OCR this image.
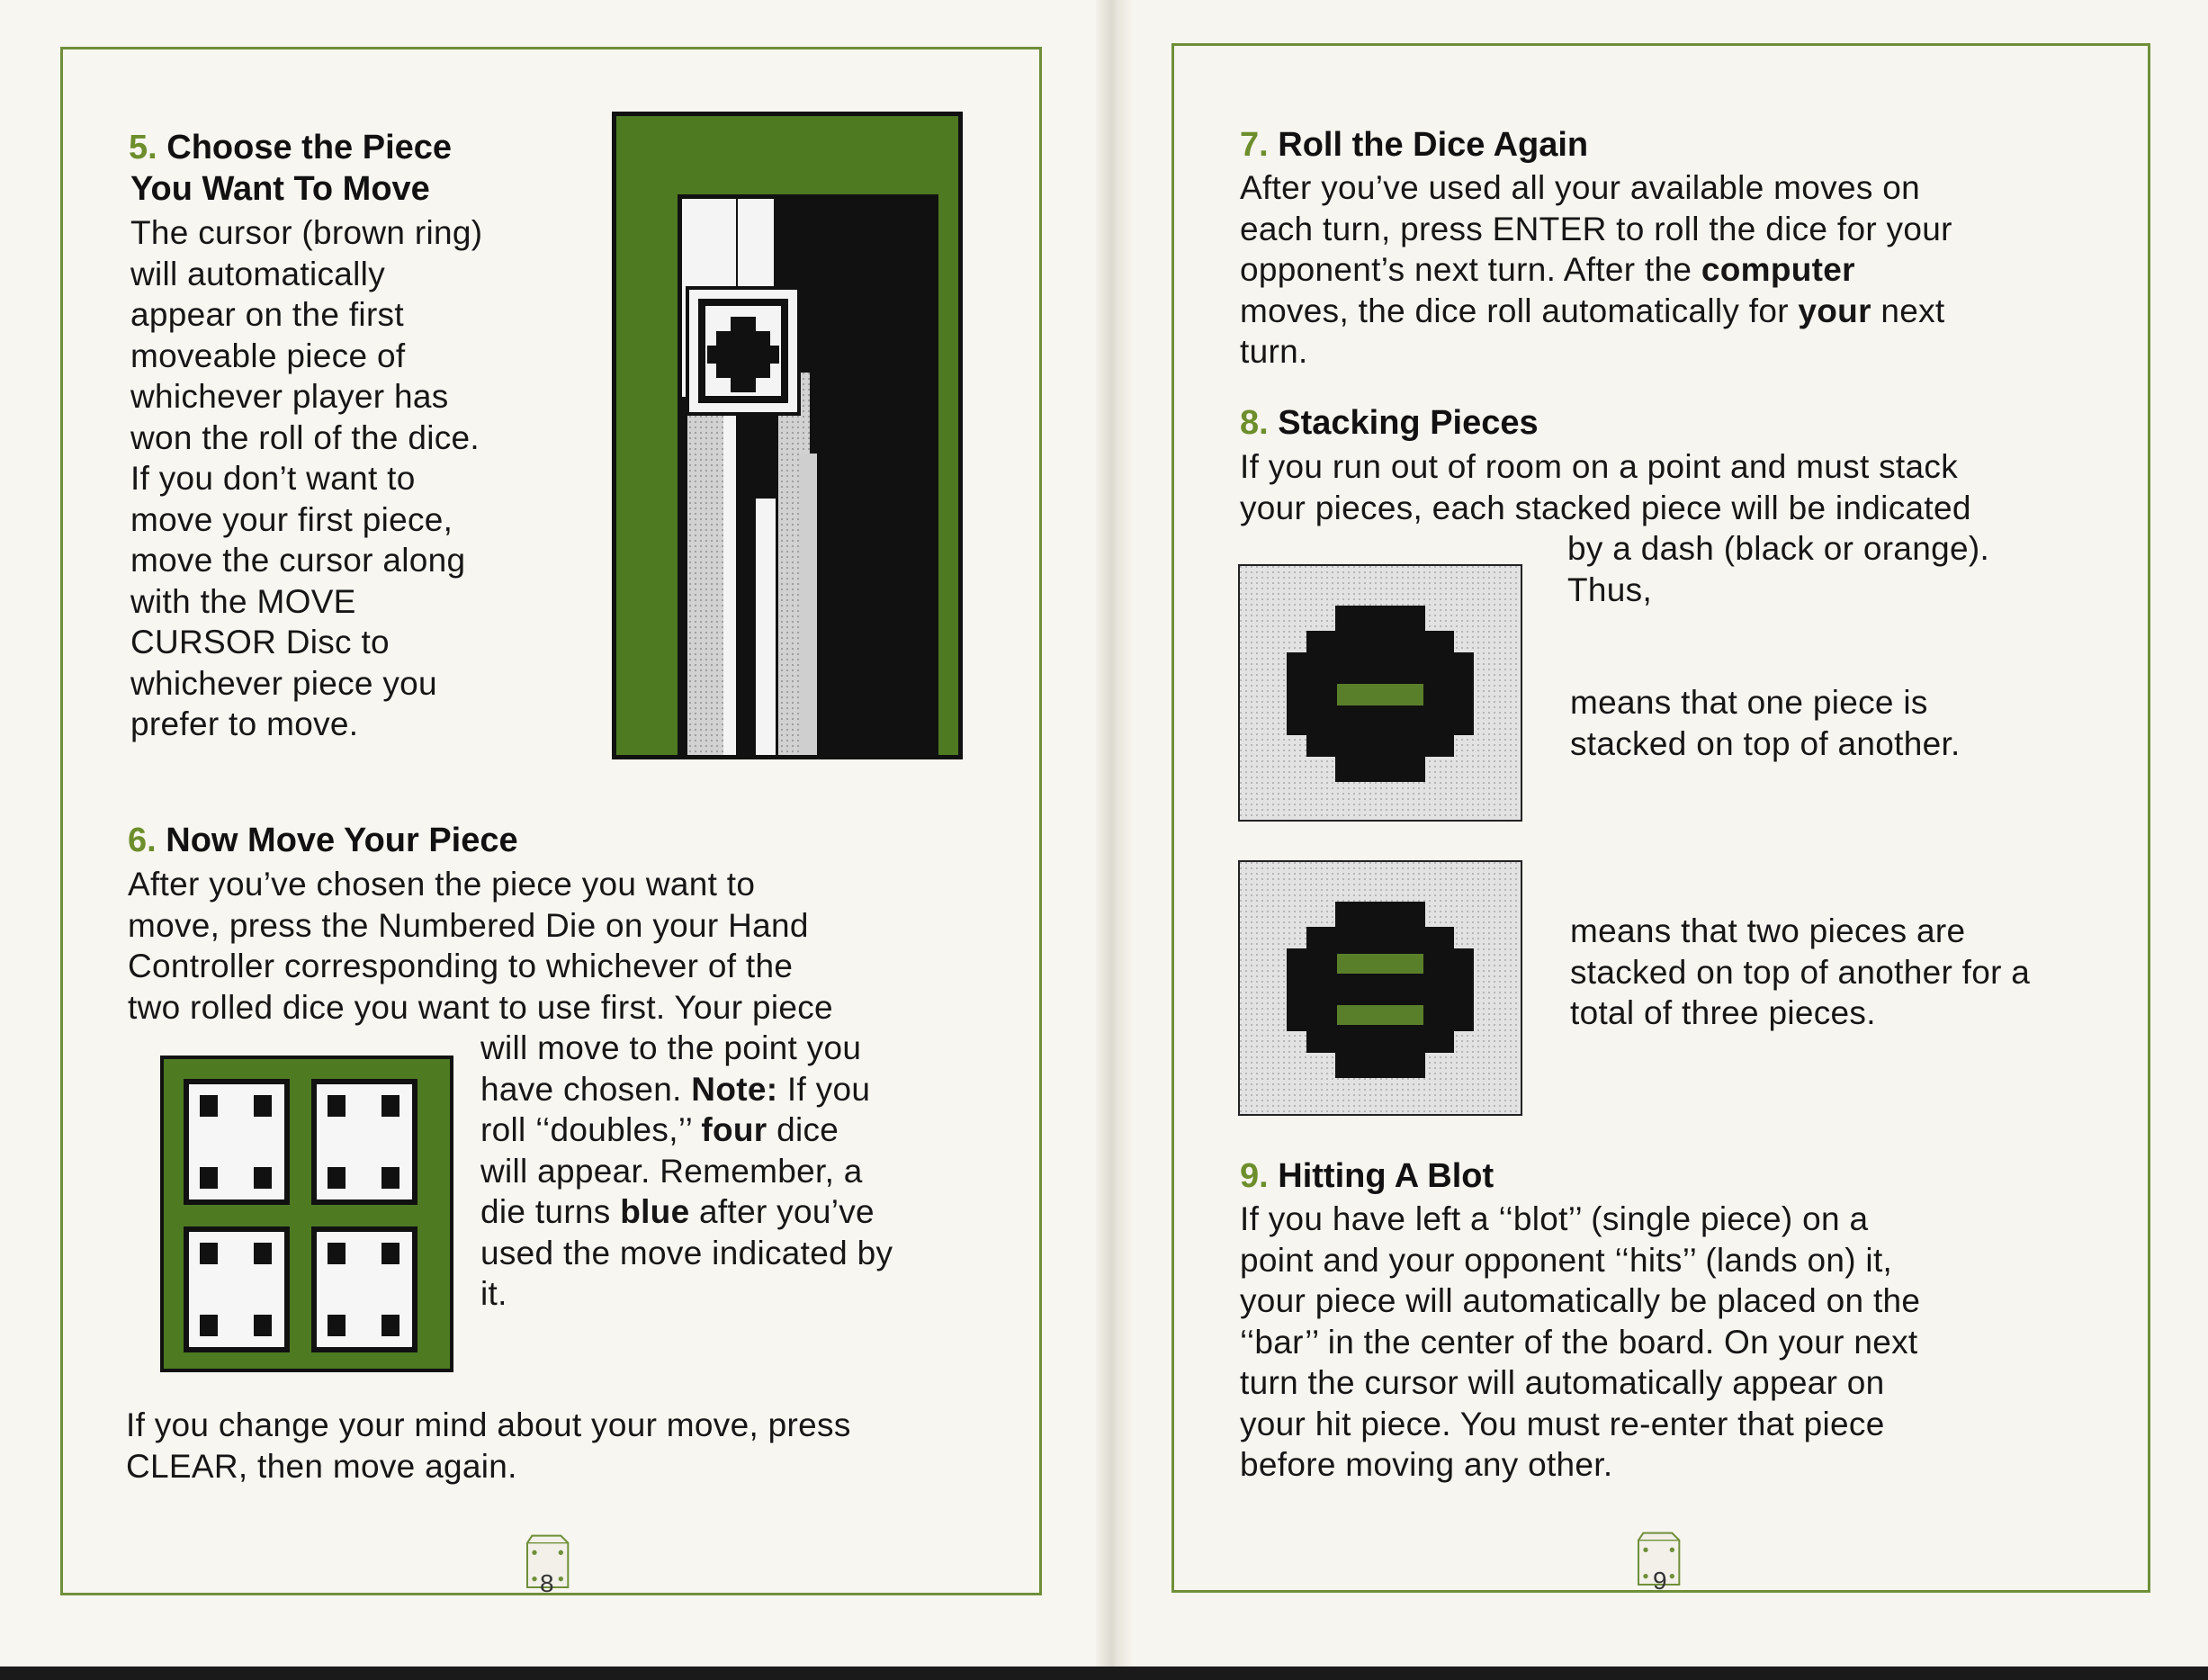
5. Choose the Piece
You Want To Move
The cursor (brown ring)
will automatically
appear on the first
moveable piece of
whichever player has
won the roll of the dice.
If you don’t want to
move your first piece,
move the cursor along
with the MOVE
CURSOR Disc to
whichever piece you
prefer to move.
6. Now Move Your Piece
After you’ve chosen the piece you want to
move, press the Numbered Die on your Hand
Controller corresponding to whichever of the
two rolled dice you want to use first. Your piece
will move to the point you
have chosen. Note: If you
roll ‘‘doubles,’’ four dice
will appear. Remember, a
die turns blue after you’ve
used the move indicated by
it.
If you change your mind about your move, press
CLEAR, then move again.
8
7. Roll the Dice Again
After you’ve used all your available moves on
each turn, press ENTER to roll the dice for your
opponent’s next turn. After the computer
moves, the dice roll automatically for your next
turn.
8. Stacking Pieces
If you run out of room on a point and must stack
your pieces, each stacked piece will be indicated
by a dash (black or orange).
Thus,
means that one piece is
stacked on top of another.
means that two pieces are
stacked on top of another for a
total of three pieces.
9. Hitting A Blot
If you have left a ‘‘blot’’ (single piece) on a
point and your opponent ‘‘hits’’ (lands on) it,
your piece will automatically be placed on the
‘‘bar’’ in the center of the board. On your next
turn the cursor will automatically appear on
your hit piece. You must re-enter that piece
before moving any other.
9
